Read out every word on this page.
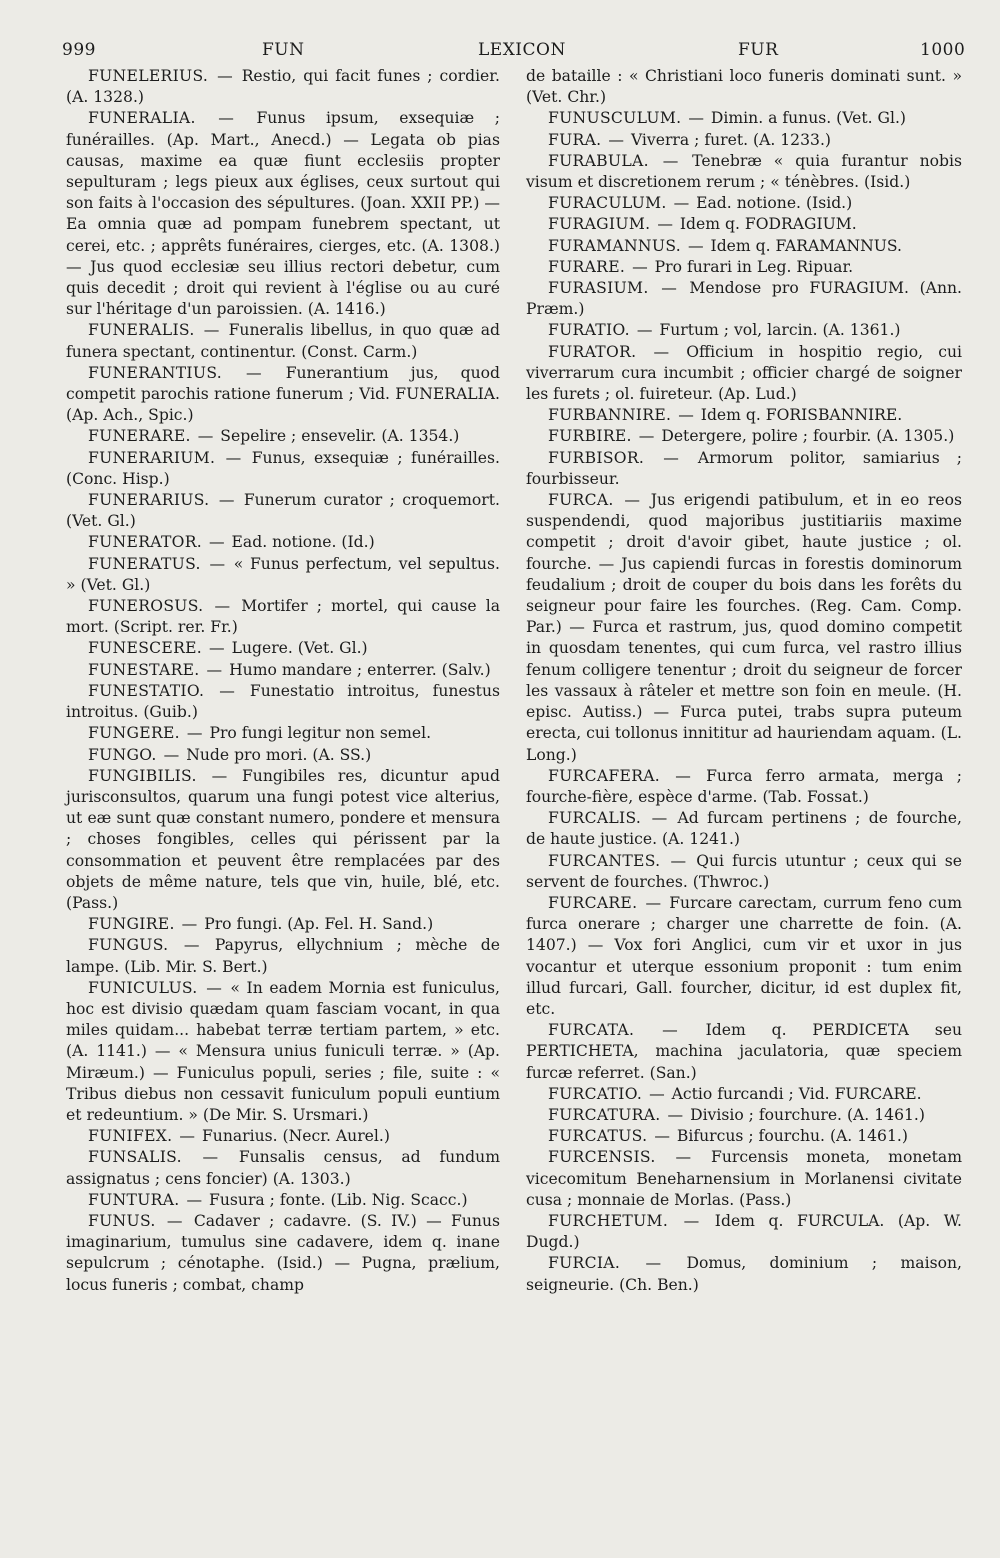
999	FUN	LEXICON	FUR	1000

FUNELERIUS. — Restio, qui facit funes ; cordier. (A. 1328.)

FUNERALIA. — Funus ipsum, exsequiæ ; funérailles. (Ap. Mart., Anecd.) — Legata ob pias causas, maxime ea quæ fiunt ecclesiis propter sepulturam ; legs pieux aux églises, ceux surtout qui son faits à l'occasion des sépultures. (Joan. XXII PP.) — Ea omnia quæ ad pompam funebrem spectant, ut cerei, etc. ; apprêts funéraires, cierges, etc. (A. 1308.) — Jus quod ecclesiæ seu illius rectori debetur, cum quis decedit ; droit qui revient à l'église ou au curé sur l'héritage d'un paroissien. (A. 1416.)

FUNERALIS. — Funeralis libellus, in quo quæ ad funera spectant, continentur. (Const. Carm.)

FUNERANTIUS. — Funerantium jus, quod competit parochis ratione funerum ; Vid. FUNERALIA. (Ap. Ach., Spic.)

FUNERARE. — Sepelire ; ensevelir. (A. 1354.)

FUNERARIUM. — Funus, exsequiæ ; funérailles. (Conc. Hisp.)

FUNERARIUS. — Funerum curator ; croquemort. (Vet. Gl.)

FUNERATOR. — Ead. notione. (Id.)

FUNERATUS. — « Funus perfectum, vel sepultus. » (Vet. Gl.)

FUNEROSUS. — Mortifer ; mortel, qui cause la mort. (Script. rer. Fr.)

FUNESCERE. — Lugere. (Vet. Gl.)

FUNESTARE. — Humo mandare ; enterrer. (Salv.)

FUNESTATIO. — Funestatio introitus, funestus introitus. (Guib.)

FUNGERE. — Pro fungi legitur non semel.

FUNGO. — Nude pro mori. (A. SS.)

FUNGIBILIS. — Fungibiles res, dicuntur apud jurisconsultos, quarum una fungi potest vice alterius, ut eæ sunt quæ constant numero, pondere et mensura ; choses fongibles, celles qui périssent par la consommation et peuvent être remplacées par des objets de même nature, tels que vin, huile, blé, etc. (Pass.)

FUNGIRE. — Pro fungi. (Ap. Fel. H. Sand.)

FUNGUS. — Papyrus, ellychnium ; mèche de lampe. (Lib. Mir. S. Bert.)

FUNICULUS. — « In eadem Mornia est funiculus, hoc est divisio quædam quam fasciam vocant, in qua miles quidam... habebat terræ tertiam partem, » etc. (A. 1141.) — « Mensura unius funiculi terræ. » (Ap. Miræum.) — Funiculus populi, series ; file, suite : « Tribus diebus non cessavit funiculum populi euntium et redeuntium. » (De Mir. S. Ursmari.)

FUNIFEX. — Funarius. (Necr. Aurel.)

FUNSALIS. — Funsalis census, ad fundum assignatus ; cens foncier) (A. 1303.)

FUNTURA. — Fusura ; fonte. (Lib. Nig. Scacc.)

FUNUS. — Cadaver ; cadavre. (S. IV.) — Funus imaginarium, tumulus sine cadavere, idem q. inane sepulcrum ; cénotaphe. (Isid.) — Pugna, prælium, locus funeris ; combat, champ

de bataille : « Christiani loco funeris dominati sunt. » (Vet. Chr.)

FUNUSCULUM. — Dimin. a funus. (Vet. Gl.)

FURA. — Viverra ; furet. (A. 1233.)

FURABULA. — Tenebræ « quia furantur nobis visum et discretionem rerum ; « ténèbres. (Isid.)

FURACULUM. — Ead. notione. (Isid.)

FURAGIUM. — Idem q. FODRAGIUM.

FURAMANNUS. — Idem q. FARAMANNUS.

FURARE. — Pro furari in Leg. Ripuar.

FURASIUM. — Mendose pro FURAGIUM. (Ann. Præm.)

FURATIO. — Furtum ; vol, larcin. (A. 1361.)

FURATOR. — Officium in hospitio regio, cui viverrarum cura incumbit ; officier chargé de soigner les furets ; ol. fuireteur. (Ap. Lud.)

FURBANNIRE. — Idem q. FORISBANNIRE.

FURBIRE. — Detergere, polire ; fourbir. (A. 1305.)

FURBISOR. — Armorum politor, samiarius ; fourbisseur.

FURCA. — Jus erigendi patibulum, et in eo reos suspendendi, quod majoribus justitiariis maxime competit ; droit d'avoir gibet, haute justice ; ol. fourche. — Jus capiendi furcas in forestis dominorum feudalium ; droit de couper du bois dans les forêts du seigneur pour faire les fourches. (Reg. Cam. Comp. Par.) — Furca et rastrum, jus, quod domino competit in quosdam tenentes, qui cum furca, vel rastro illius fenum colligere tenentur ; droit du seigneur de forcer les vassaux à râteler et mettre son foin en meule. (H. episc. Autiss.) — Furca putei, trabs supra puteum erecta, cui tollonus innititur ad hauriendam aquam. (L. Long.)

FURCAFERA. — Furca ferro armata, merga ; fourche-fière, espèce d'arme. (Tab. Fossat.)

FURCALIS. — Ad furcam pertinens ; de fourche, de haute justice. (A. 1241.)

FURCANTES. — Qui furcis utuntur ; ceux qui se servent de fourches. (Thwroc.)

FURCARE. — Furcare carectam, currum feno cum furca onerare ; charger une charrette de foin. (A. 1407.) — Vox fori Anglici, cum vir et uxor in jus vocantur et uterque essonium proponit : tum enim illud furcari, Gall. fourcher, dicitur, id est duplex fit, etc.

FURCATA. — Idem q. PERDICETA seu PERTICHETA, machina jaculatoria, quæ speciem furcæ referret. (San.)

FURCATIO. — Actio furcandi ; Vid. FURCARE.

FURCATURA. — Divisio ; fourchure. (A. 1461.)

FURCATUS. — Bifurcus ; fourchu. (A. 1461.)

FURCENSIS. — Furcensis moneta, monetam vicecomitum Beneharnensium in Morlanensi civitate cusa ; monnaie de Morlas. (Pass.)

FURCHETUM. — Idem q. FURCULA. (Ap. W. Dugd.)

FURCIA. — Domus, dominium ; maison, seigneurie. (Ch. Ben.)
